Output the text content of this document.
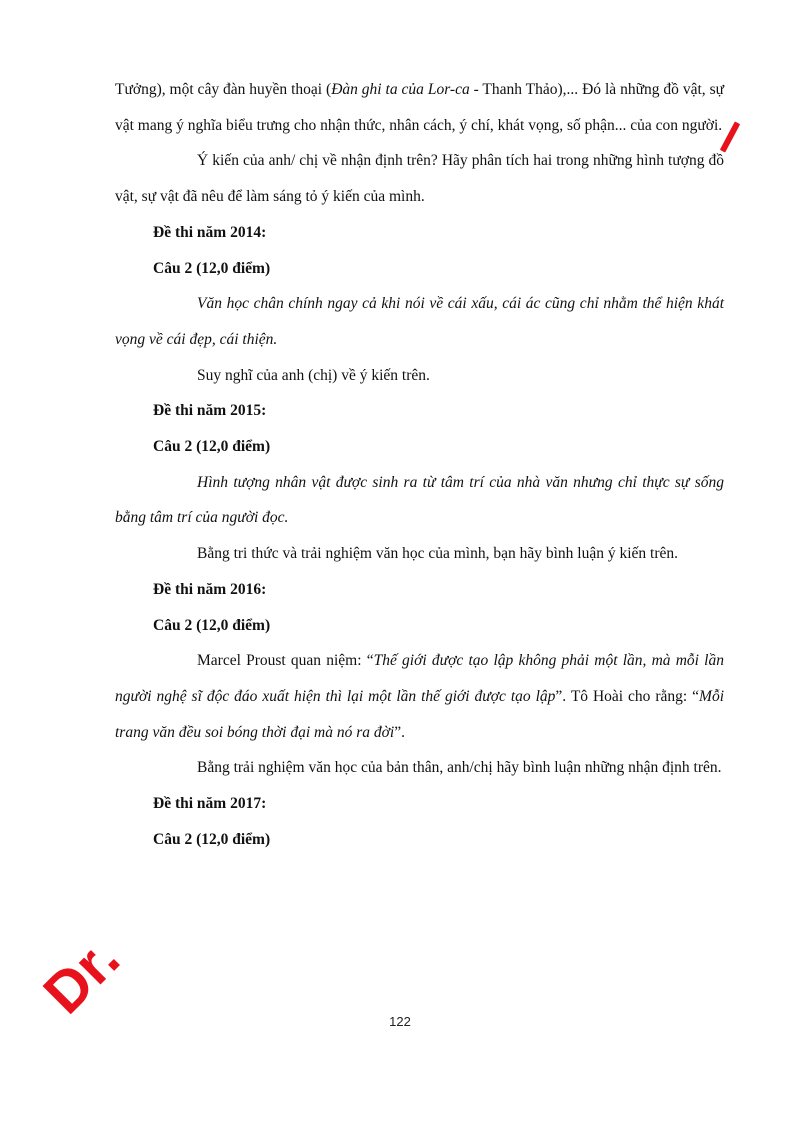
Tưởng), một cây đàn huyền thoại (Đàn ghi ta của Lor-ca - Thanh Thảo),... Đó là những đồ vật, sự vật mang ý nghĩa biểu trưng cho nhận thức, nhân cách, ý chí, khát vọng, số phận... của con người.

Ý kiến của anh/ chị về nhận định trên? Hãy phân tích hai trong những hình tượng đồ vật, sự vật đã nêu để làm sáng tỏ ý kiến của mình.

Đề thi năm 2014:

Câu 2 (12,0 điểm)

Văn học chân chính ngay cả khi nói về cái xấu, cái ác cũng chỉ nhằm thể hiện khát vọng về cái đẹp, cái thiện.

Suy nghĩ của anh (chị) về ý kiến trên.

Đề thi năm 2015:

Câu 2 (12,0 điểm)

Hình tượng nhân vật được sinh ra từ tâm trí của nhà văn nhưng chỉ thực sự sống bằng tâm trí của người đọc.

Bằng tri thức và trải nghiệm văn học của mình, bạn hãy bình luận ý kiến trên.

Đề thi năm 2016:

Câu 2 (12,0 điểm)

Marcel Proust quan niệm: “Thế giới được tạo lập không phải một lần, mà mỗi lần người nghệ sĩ độc đáo xuất hiện thì lại một lần thế giới được tạo lập”. Tô Hoài cho rằng: “Mỗi trang văn đều soi bóng thời đại mà nó ra đời”.

Bằng trải nghiệm văn học của bản thân, anh/chị hãy bình luận những nhận định trên.

Đề thi năm 2017:

Câu 2 (12,0 điểm)

122
Dr.
